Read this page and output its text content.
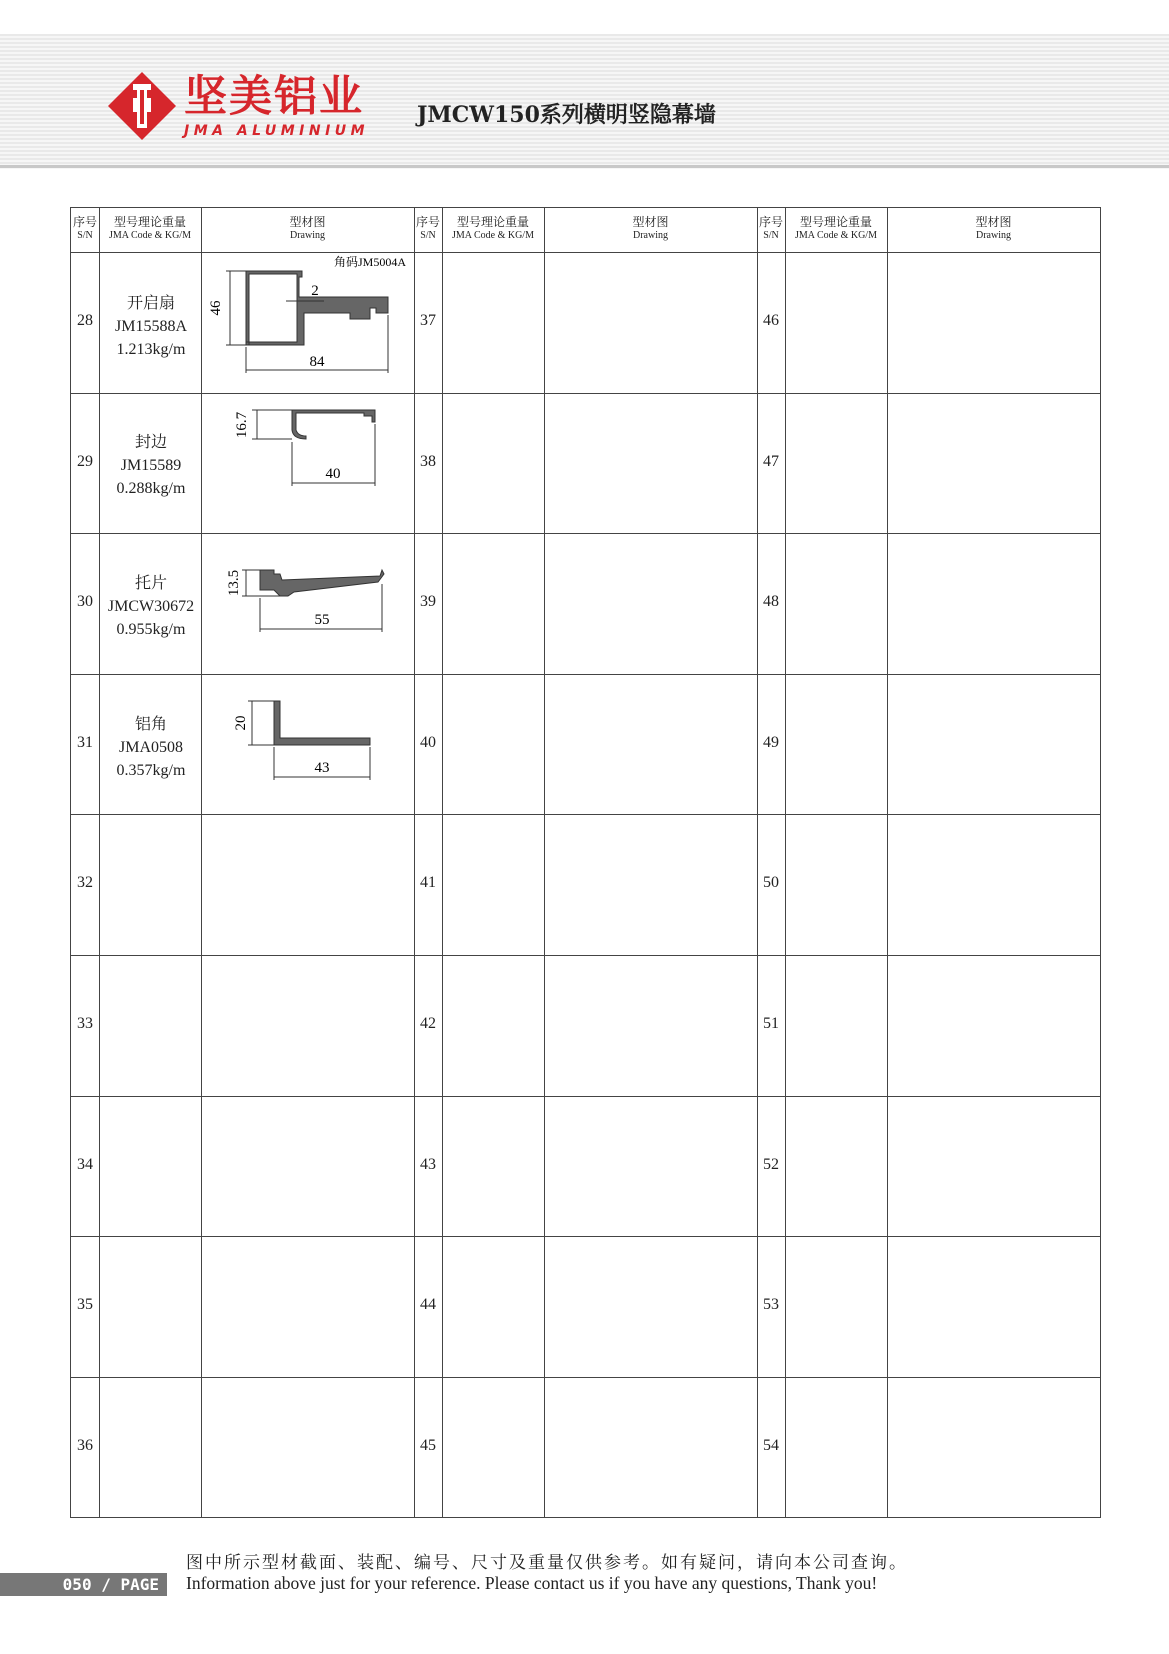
坚美铝业
JMA ALUMINIUM
JMCW150系列横明竖隐幕墙
序号
S/N
型号理论重量
JMA Code & KG/M
型材图
Drawing
序号
S/N
型号理论重量
JMA Code & KG/M
型材图
Drawing
序号
S/N
型号理论重量
JMA Code & KG/M
型材图
Drawing
28
29
30
31
32
33
34
35
36
37
38
39
40
41
42
43
44
45
46
47
48
49
50
51
52
53
54
开启扇
JM15588A
1.213kg/m
封边
JM15589
0.288kg/m
托片
JMCW30672
0.955kg/m
铝角
JMA0508
0.357kg/m
角码JM5004A
46
2
84
16.7
40
13.5
55
20
43
图中所示型材截面、装配、编号、尺寸及重量仅供参考。如有疑问，请向本公司查询。
050 / PAGE	Information above just for your reference. Please contact us if you have any questions, Thank you!
